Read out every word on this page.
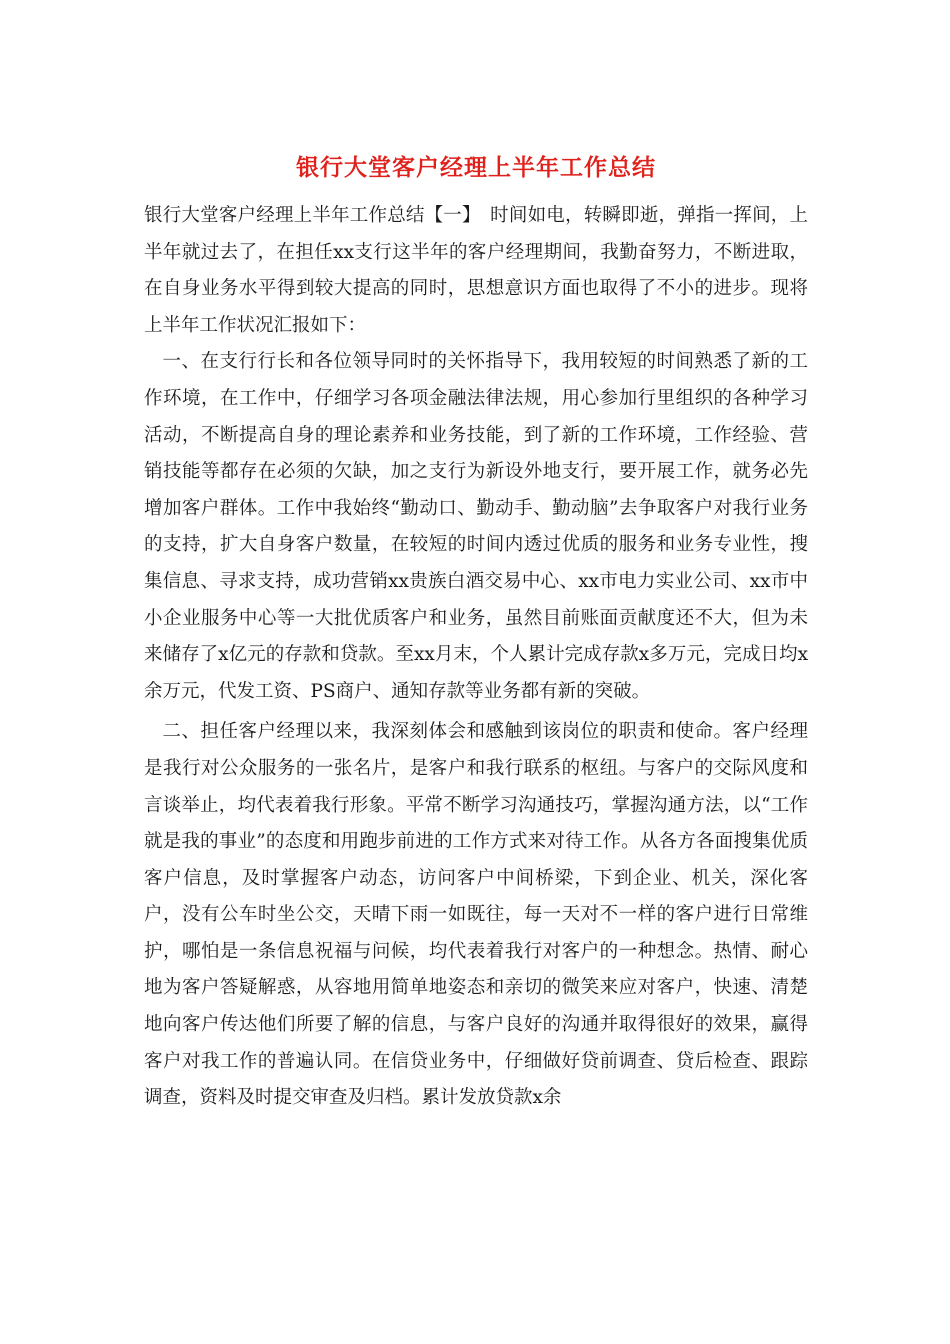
银行大堂客户经理上半年工作总结

银行大堂客户经理上半年工作总结【一】　时间如电，转瞬即逝，弹指一挥间，上半年就过去了，在担任xx支行这半年的客户经理期间，我勤奋努力，不断进取，在自身业务水平得到较大提高的同时，思想意识方面也取得了不小的进步。现将上半年工作状况汇报如下：

一、在支行行长和各位领导同时的关怀指导下，我用较短的时间熟悉了新的工作环境，在工作中，仔细学习各项金融法律法规，用心参加行里组织的各种学习活动，不断提高自身的理论素养和业务技能，到了新的工作环境，工作经验、营销技能等都存在必须的欠缺，加之支行为新设外地支行，要开展工作，就务必先增加客户群体。工作中我始终“勤动口、勤动手、勤动脑”去争取客户对我行业务的支持，扩大自身客户数量，在较短的时间内透过优质的服务和业务专业性，搜集信息、寻求支持，成功营销xx贵族白酒交易中心、xx市电力实业公司、xx市中小企业服务中心等一大批优质客户和业务，虽然目前账面贡献度还不大，但为未来储存了x亿元的存款和贷款。至xx月末，个人累计完成存款x多万元，完成日均x余万元，代发工资、PS商户、通知存款等业务都有新的突破。

二、担任客户经理以来，我深刻体会和感触到该岗位的职责和使命。客户经理是我行对公众服务的一张名片，是客户和我行联系的枢纽。与客户的交际风度和言谈举止，均代表着我行形象。平常不断学习沟通技巧，掌握沟通方法，以“工作就是我的事业”的态度和用跑步前进的工作方式来对待工作。从各方各面搜集优质客户信息，及时掌握客户动态，访问客户中间桥梁，下到企业、机关，深化客户，没有公车时坐公交，天晴下雨一如既往，每一天对不一样的客户进行日常维护，哪怕是一条信息祝福与问候，均代表着我行对客户的一种想念。热情、耐心地为客户答疑解惑，从容地用简单地姿态和亲切的微笑来应对客户，快速、清楚地向客户传达他们所要了解的信息，与客户良好的沟通并取得很好的效果，赢得客户对我工作的普遍认同。在信贷业务中，仔细做好贷前调查、贷后检查、跟踪调查，资料及时提交审查及归档。累计发放贷款x余
